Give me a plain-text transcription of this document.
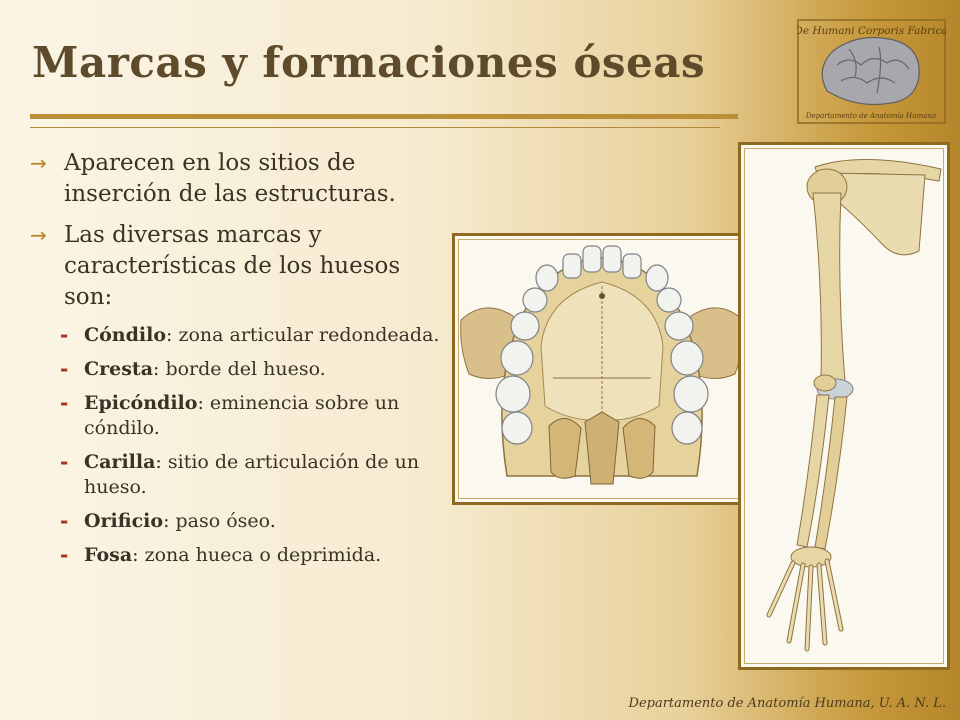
Marcas y formaciones óseas
→ Aparecen en los sitios de inserción de las estructuras.
→ Las diversas marcas y características de los huesos son:
- Cóndilo: zona articular redondeada.
- Cresta: borde del hueso.
- Epicóndilo: eminencia sobre un cóndilo.
- Carilla: sitio de articulación de un hueso.
- Orificio: paso óseo.
- Fosa: zona hueca o deprimida.
De Humani Corporis Fabrica
Departamento de Anatomía Humana

Departamento de Anatomía Humana, U. A. N. L.
